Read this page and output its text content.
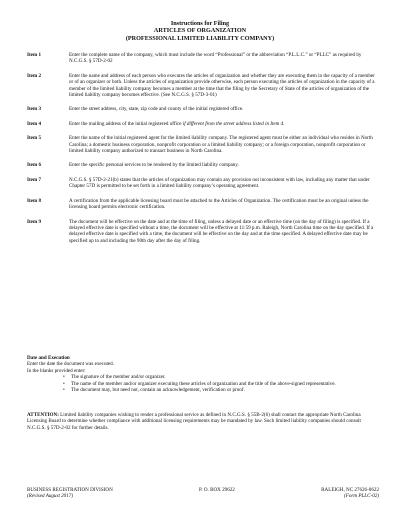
Instructions for Filing
ARTICLES OF ORGANIZATION
(PROFESSIONAL LIMITED LIABILITY COMPANY)
Item 1	Enter the complete name of the company, which must include the word “Professional” or the abbreviation “P.L.L.C.” or “PLLC” as required by N.C.G.S. § 57D-2-02
Item 2	Enter the name and address of each person who executes the articles of organization and whether they are executing them in the capacity of a member or of an organizer or both. Unless the articles of organization provide otherwise, each person executing the articles of organization in the capacity of a member of the limited liability company becomes a member at the time that the filing by the Secretary of State of the articles of organization of the limited liability company becomes effective. (See N.C.G.S. § 57D-3-01)
Item 3	Enter the street address, city, state, zip code and county of the initial registered office.
Item 4	Enter the mailing address of the initial registered office if different from the street address listed in Item 4.
Item 5	Enter the name of the initial registered agent for the limited liability company. The registered agent must be either an individual who resides in North Carolina; a domestic business corporation, nonprofit corporation or a limited liability company; or a foreign corporation, nonprofit corporation or limited liability company authorized to transact business in North Carolina.
Item 6	Enter the specific personal services to be rendered by the limited liability company.
Item 7	N.C.G.S. § 57D-2-21(b) states that the articles of organization may contain any provision not inconsistent with law, including any matter that under Chapter 57D is permitted to be set forth in a limited liability company’s operating agreement.
Item 8	A certification from the applicable licensing board must be attached to the Articles of Organization. The certification must be an original unless the licensing board permits electronic certification.
Item 9	The document will be effective on the date and at the time of filing, unless a delayed date or an effective time (on the day of filing) is specified. If a delayed effective date is specified without a time, the document will be effective at 11:59 p.m. Raleigh, North Carolina time on the day specified. If a delayed effective date is specified with a time, the document will be effective on the day and at the time specified. A delayed effective date may be specified up to and including the 90th day after the day of filing.
Date and Execution
Enter the date the document was executed.
In the blanks provided enter:
• The signature of the member and/or organizer.
• The name of the member and/or organizer executing these articles of organization and the title of the above-signed representative.
• The document may, but need not, contain an acknowledgement, verification or proof.
ATTENTION: Limited liability companies wishing to render a professional service as defined in N.C.G.S. § 55B-2(6) shall contact the appropriate North Carolina Licensing Board to determine whether compliance with additional licensing requirements may be mandated by law. Such limited liability companies should consult N.C.G.S. § 57D-2-02 for further details.
BUSINESS REGISTRATION DIVISION
(Revised August 2017)
P. O. BOX 29622	RALEIGH, NC 27626-0622
(Form PLLC-02)
